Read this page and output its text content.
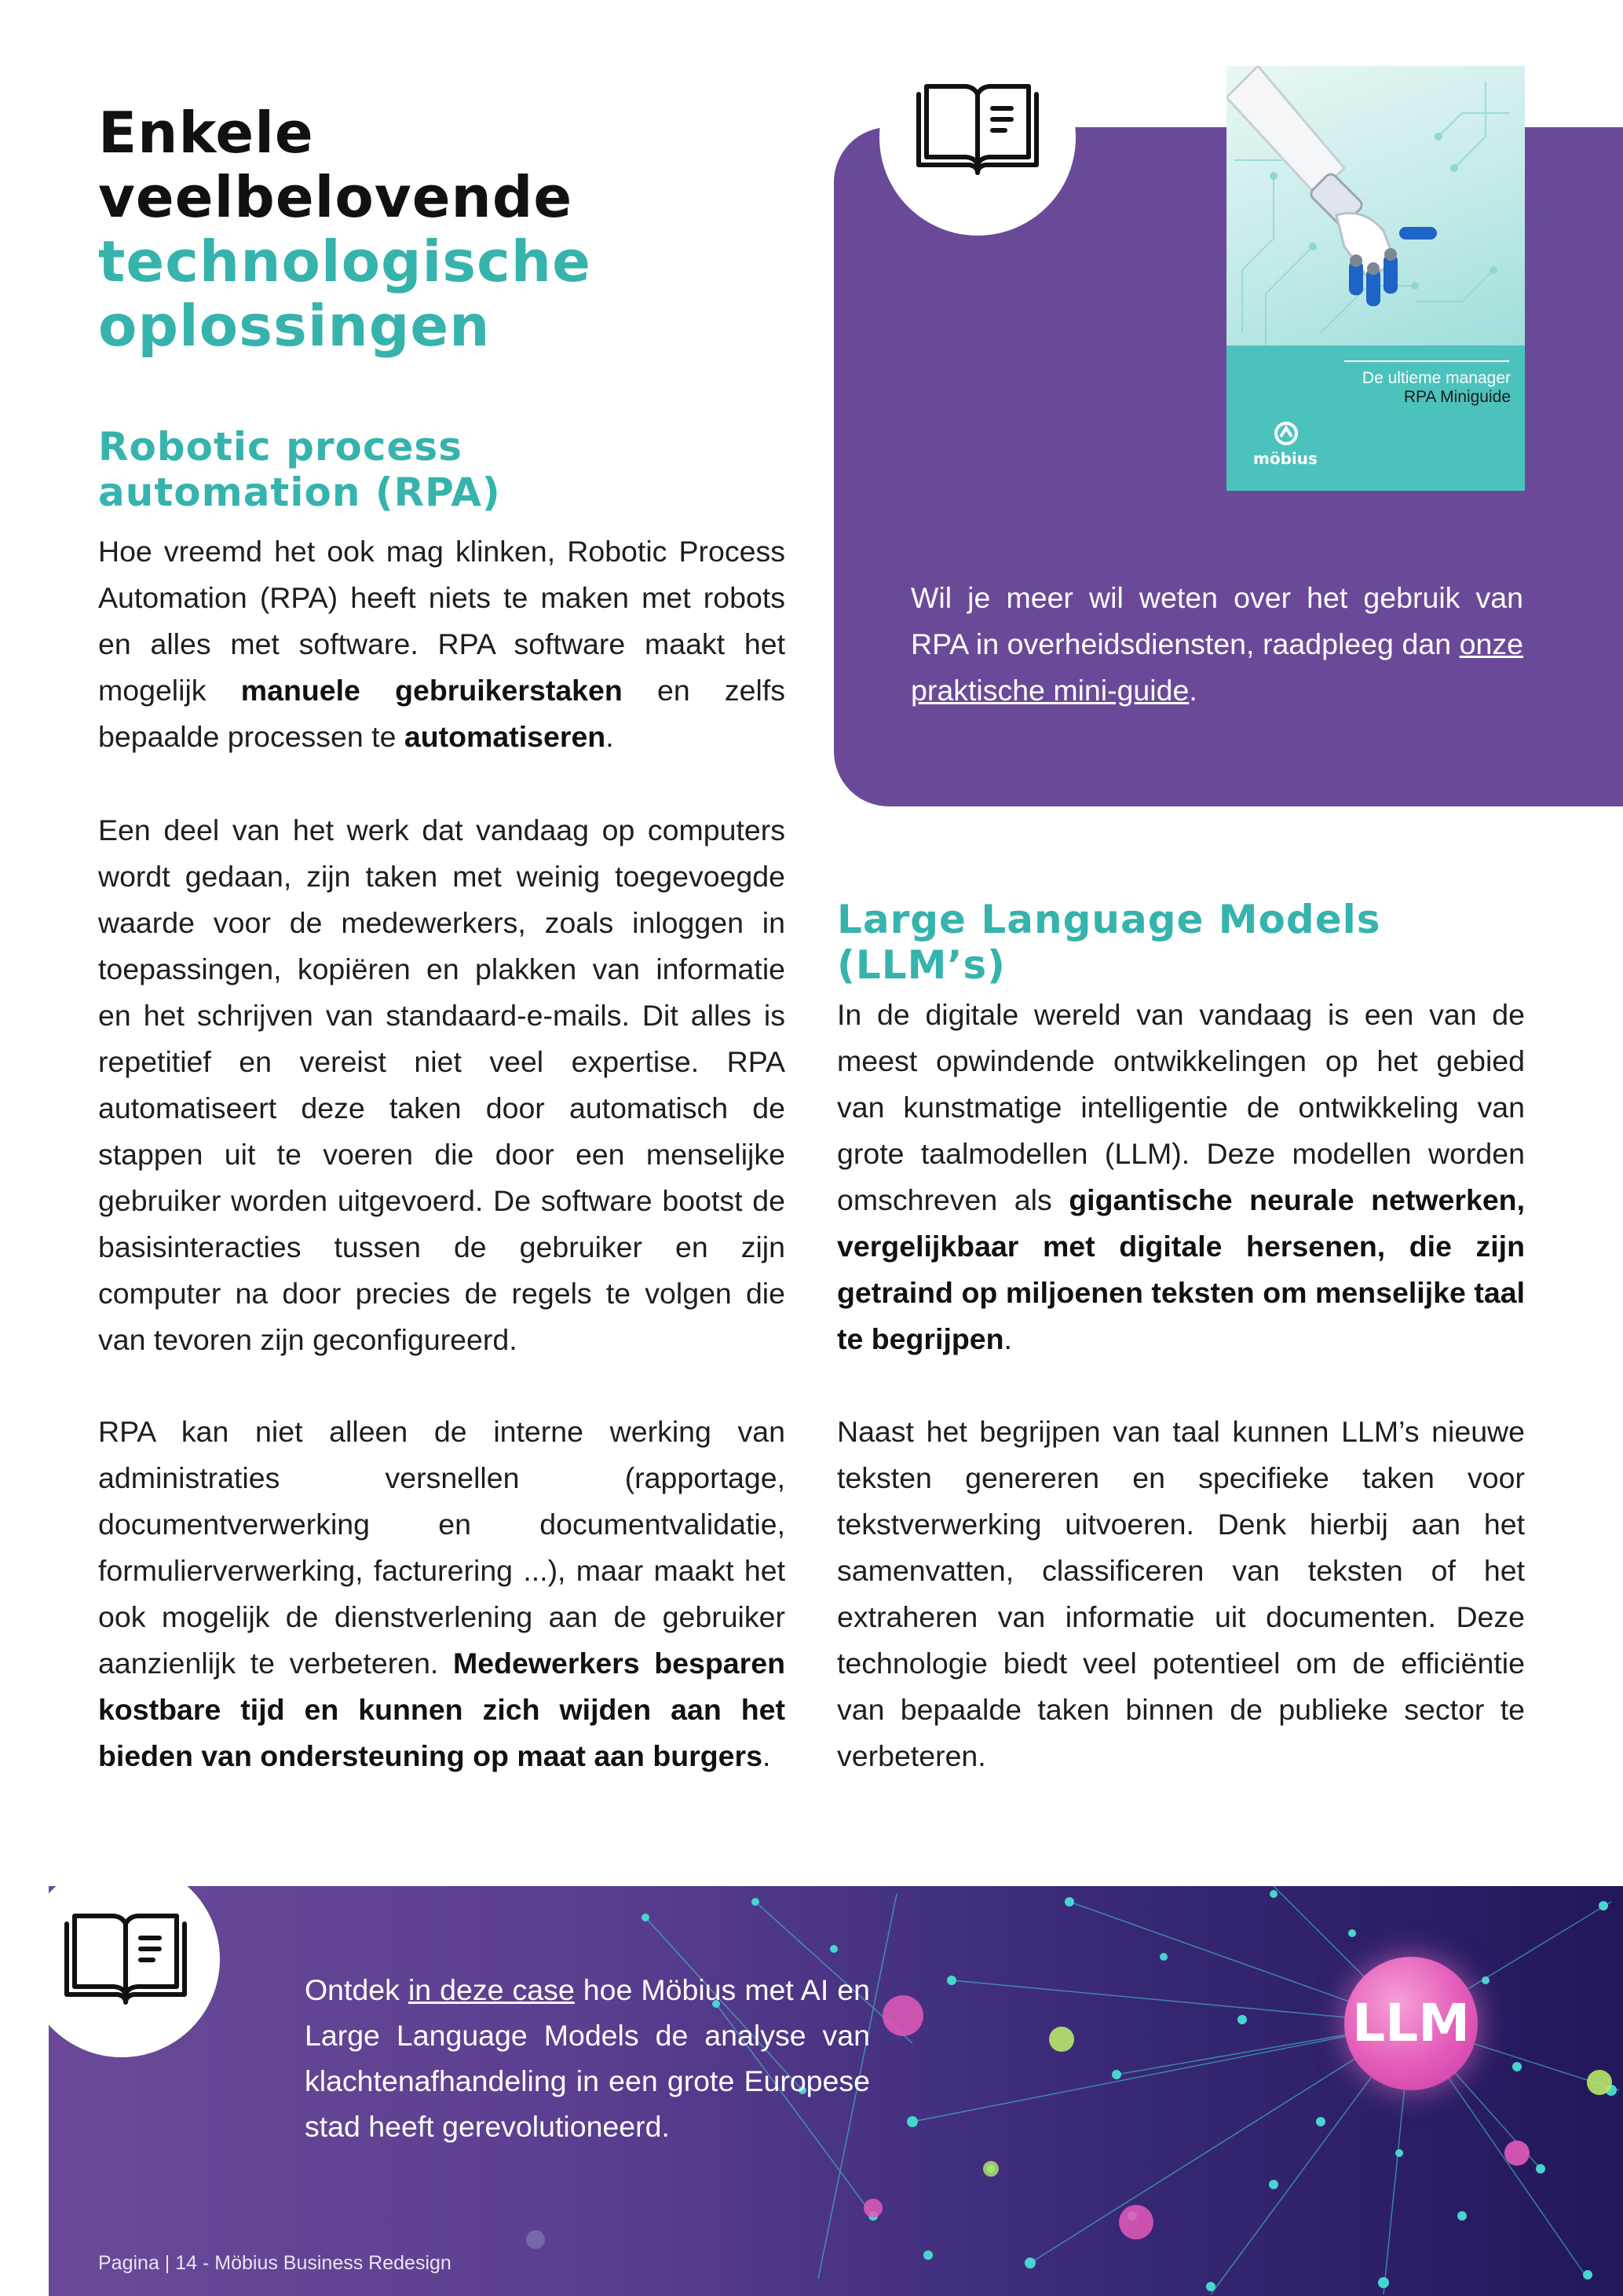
Enkele
veelbelovende
technologische
oplossingen
Robotic process
automation (RPA)

Hoe vreemd het ook mag klinken, Robotic Process Automation (RPA) heeft niets te maken met robots en alles met software. RPA software maakt het mogelijk manuele gebruikerstaken en zelfs bepaalde processen te automatiseren.

Een deel van het werk dat vandaag op computers wordt gedaan, zijn taken met weinig toegevoegde waarde voor de medewerkers, zoals inloggen in toepassingen, kopiëren en plakken van informatie en het schrijven van standaard-e-mails. Dit alles is repetitief en vereist niet veel expertise. RPA automatiseert deze taken door automatisch de stappen uit te voeren die door een menselijke gebruiker worden uitgevoerd. De software bootst de basisinteracties tussen de gebruiker en zijn computer na door precies de regels te volgen die van tevoren zijn geconfigureerd.

RPA kan niet alleen de interne werking van administraties versnellen (rapportage, documentverwerking en documentvalidatie, formulierverwerking, facturering ...), maar maakt het ook mogelijk de dienstverlening aan de gebruiker aanzienlijk te verbeteren. Medewerkers besparen kostbare tijd en kunnen zich wijden aan het bieden van ondersteuning op maat aan burgers.

De ultieme manager
RPA Miniguide
möbius

Wil je meer wil weten over het gebruik van RPA in overheidsdiensten, raadpleeg dan onze praktische mini-guide.

Large Language Models
(LLM’s)

In de digitale wereld van vandaag is een van de meest opwindende ontwikkelingen op het gebied van kunstmatige intelligentie de ontwikkeling van grote taalmodellen (LLM). Deze modellen worden omschreven als gigantische neurale netwerken, vergelijkbaar met digitale hersenen, die zijn getraind op miljoenen teksten om menselijke taal te begrijpen.

Naast het begrijpen van taal kunnen LLM’s nieuwe teksten genereren en specifieke taken voor tekstverwerking uitvoeren. Denk hierbij aan het samenvatten, classificeren van teksten of het extraheren van informatie uit documenten. Deze technologie biedt veel potentieel om de efficiëntie van bepaalde taken binnen de publieke sector te verbeteren.

Ontdek in deze case hoe Möbius met AI en Large Language Models de analyse van klachtenafhandeling in een grote Europese stad heeft gerevolutioneerd.

LLM
Pagina | 14 - Möbius Business Redesign
